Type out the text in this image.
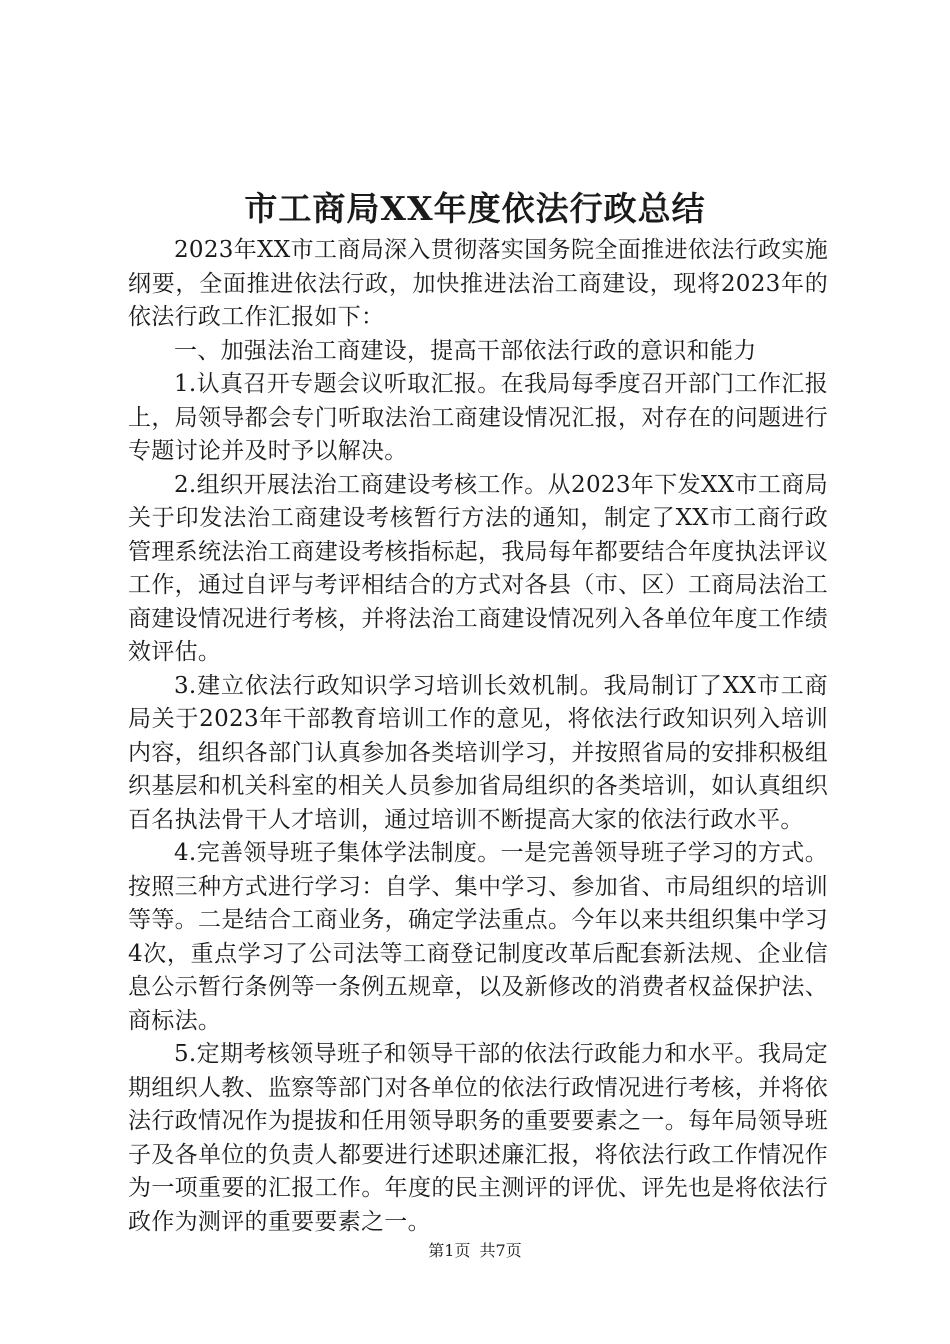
市工商局XX年度依法行政总结

2023年XX市工商局深入贯彻落实国务院全面推进依法行政实施纲要，全面推进依法行政，加快推进法治工商建设，现将2023年的依法行政工作汇报如下：

一、加强法治工商建设，提高干部依法行政的意识和能力

1.认真召开专题会议听取汇报。在我局每季度召开部门工作汇报上，局领导都会专门听取法治工商建设情况汇报，对存在的问题进行专题讨论并及时予以解决。

2.组织开展法治工商建设考核工作。从2023年下发XX市工商局关于印发法治工商建设考核暂行方法的通知，制定了XX市工商行政管理系统法治工商建设考核指标起，我局每年都要结合年度执法评议工作，通过自评与考评相结合的方式对各县（市、区）工商局法治工商建设情况进行考核，并将法治工商建设情况列入各单位年度工作绩效评估。

3.建立依法行政知识学习培训长效机制。我局制订了XX市工商局关于2023年干部教育培训工作的意见，将依法行政知识列入培训内容，组织各部门认真参加各类培训学习，并按照省局的安排积极组织基层和机关科室的相关人员参加省局组织的各类培训，如认真组织百名执法骨干人才培训，通过培训不断提高大家的依法行政水平。

4.完善领导班子集体学法制度。一是完善领导班子学习的方式。按照三种方式进行学习：自学、集中学习、参加省、市局组织的培训等等。二是结合工商业务，确定学法重点。今年以来共组织集中学习4次，重点学习了公司法等工商登记制度改革后配套新法规、企业信息公示暂行条例等一条例五规章，以及新修改的消费者权益保护法、商标法。

5.定期考核领导班子和领导干部的依法行政能力和水平。我局定期组织人教、监察等部门对各单位的依法行政情况进行考核，并将依法行政情况作为提拔和任用领导职务的重要要素之一。每年局领导班子及各单位的负责人都要进行述职述廉汇报，将依法行政工作情况作为一项重要的汇报工作。年度的民主测评的评优、评先也是将依法行政作为测评的重要要素之一。

第1页 共7页
